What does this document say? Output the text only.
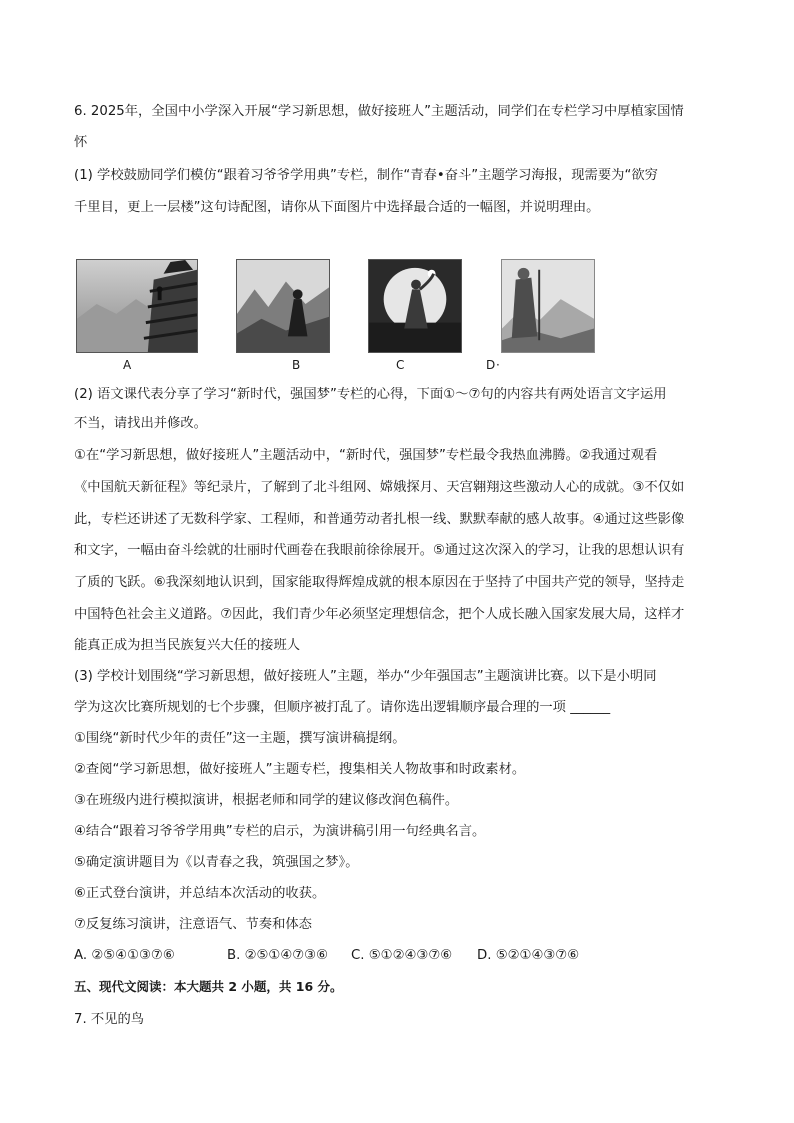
6. 2025年，全国中小学深入开展“学习新思想，做好接班人”主题活动，同学们在专栏学习中厚植家国情
怀
(1) 学校鼓励同学们模仿“跟着习爷爷学用典”专栏，制作“青春•奋斗”主题学习海报，现需要为“欲穷
千里目，更上一层楼”这句诗配图，请你从下面图片中选择最合适的一幅图，并说明理由。
A	B	C	D ·
(2) 语文课代表分享了学习“新时代，强国梦”专栏的心得，下面①～⑦句的内容共有两处语言文字运用
不当，请找出并修改。
①在“学习新思想，做好接班人”主题活动中，“新时代，强国梦”专栏最令我热血沸腾。②我通过观看
《中国航天新征程》等纪录片，了解到了北斗组网、嫦娥探月、天宫翱翔这些激动人心的成就。③不仅如
此，专栏还讲述了无数科学家、工程师，和普通劳动者扎根一线、默默奉献的感人故事。④通过这些影像
和文字，一幅由奋斗绘就的壮丽时代画卷在我眼前徐徐展开。⑤通过这次深入的学习，让我的思想认识有
了质的飞跃。⑥我深刻地认识到，国家能取得辉煌成就的根本原因在于坚持了中国共产党的领导，坚持走
中国特色社会主义道路。⑦因此，我们青少年必须坚定理想信念，把个人成长融入国家发展大局，这样才
能真正成为担当民族复兴大任的接班人
(3) 学校计划围绕“学习新思想，做好接班人”主题，举办“少年强国志”主题演讲比赛。以下是小明同
学为这次比赛所规划的七个步骤，但顺序被打乱了。请你选出逻辑顺序最合理的一项 ______
①围绕“新时代少年的责任”这一主题，撰写演讲稿提纲。
②查阅“学习新思想，做好接班人”主题专栏，搜集相关人物故事和时政素材。
③在班级内进行模拟演讲，根据老师和同学的建议修改润色稿件。
④结合“跟着习爷爷学用典”专栏的启示，为演讲稿引用一句经典名言。
⑤确定演讲题目为《以青春之我，筑强国之梦》。
⑥正式登台演讲，并总结本次活动的收获。
⑦反复练习演讲，注意语气、节奏和体态
A. ②⑤④①③⑦⑥	B. ②⑤①④⑦③⑥	C. ⑤①②④③⑦⑥	D. ⑤②①④③⑦⑥
五、现代文阅读：本大题共 2 小题，共 16 分。
7. 不见的鸟
